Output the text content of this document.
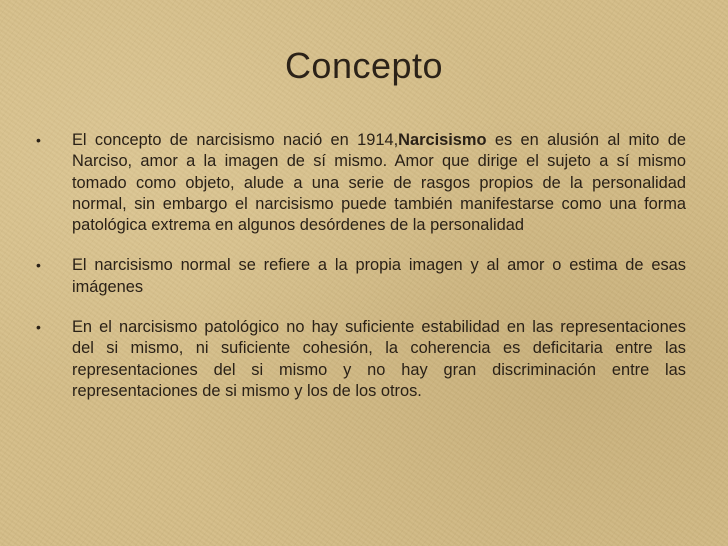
Concepto
• El concepto de narcisismo nació en 1914,Narcisismo es en alusión al mito de Narciso, amor a la imagen de sí mismo. Amor que dirige el sujeto a sí mismo tomado como objeto, alude a una serie de rasgos propios de la personalidad normal, sin embargo el narcisismo puede también manifestarse como una forma patológica extrema en algunos desórdenes de la personalidad
• El narcisismo normal se refiere a la propia imagen y al amor o estima de esas imágenes
• En el narcisismo patológico no hay suficiente estabilidad en las representaciones del si mismo, ni suficiente cohesión, la coherencia es deficitaria entre las representaciones del si mismo y no hay gran discriminación entre las representaciones de si mismo y los de los otros.
